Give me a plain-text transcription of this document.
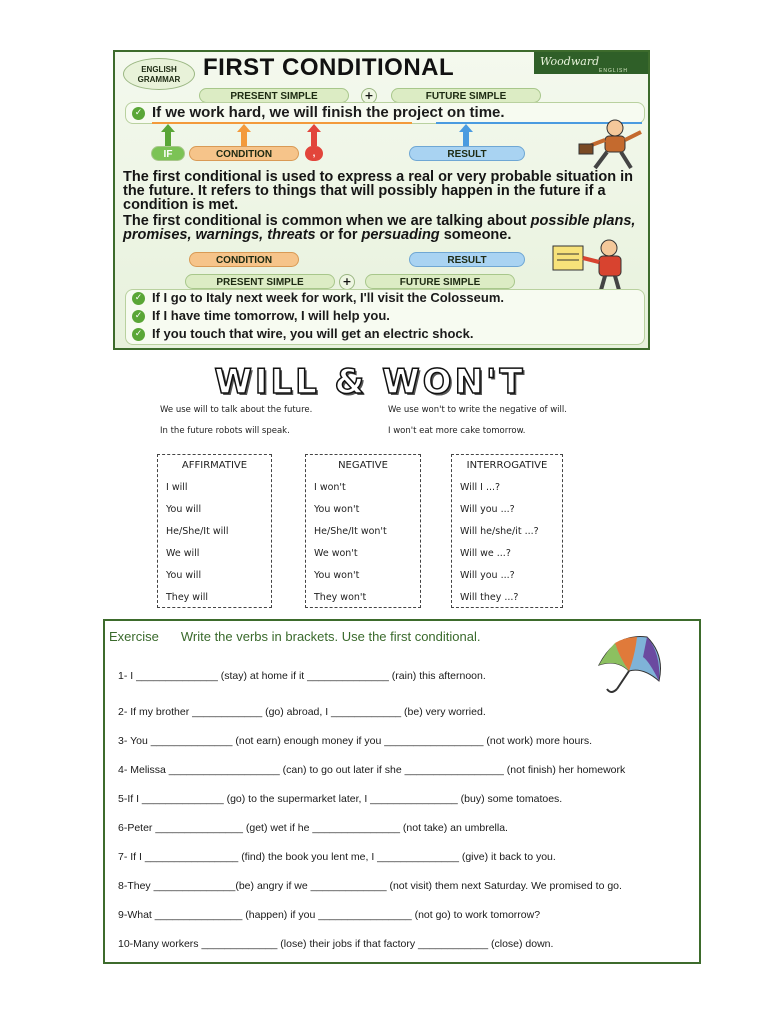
ENGLISH GRAMMAR FIRST CONDITIONAL	Woodward
ENGLISH
PRESENT SIMPLE	+	FUTURE SIMPLE
✓ If we work hard, we will finish the project on time.
IF	CONDITION	,	RESULT
The first conditional is used to express a real or very probable situation in the future. It refers to things that will possibly happen in the future if a condition is met.
The first conditional is common when we are talking about possible plans, promises, warnings, threats or for persuading someone.
CONDITION	RESULT
PRESENT SIMPLE	+	FUTURE SIMPLE
✓ If I go to Italy next week for work, I'll visit the Colosseum.
✓ If I have time tomorrow, I will help you.
✓ If you touch that wire, you will get an electric shock.
WILL & WON'T
We use will to talk about the future.
In the future robots will speak.
We use won't to write the negative of will.
I won't eat more cake tomorrow.
AFFIRMATIVE
I will
You will
He/She/It will
We will
You will
They will
NEGATIVE
I won't
You won't
He/She/It won't
We won't
You won't
They won't
INTERROGATIVE
Will I ...?
Will you ...?
Will he/she/it ...?
Will we ...?
Will you ...?
Will they ...?
Exercise Write the verbs in brackets. Use the first conditional.
1- I ______________ (stay) at home if it ______________ (rain) this afternoon.
2- If my brother ____________ (go) abroad, I ____________ (be) very worried.
3- You ______________ (not earn) enough money if you _________________ (not work) more hours.
4- Melissa ___________________ (can) to go out later if she _________________ (not finish) her homework
5-If I ______________ (go) to the supermarket later, I _______________ (buy) some tomatoes.
6-Peter _______________ (get) wet if he _______________ (not take) an umbrella.
7- If I ________________ (find) the book you lent me, I ______________ (give) it back to you.
8-They ______________(be) angry if we _____________ (not visit) them next Saturday. We promised to go.
9-What _______________ (happen) if you ________________ (not go) to work tomorrow?
10-Many workers _____________ (lose) their jobs if that factory ____________ (close) down.
